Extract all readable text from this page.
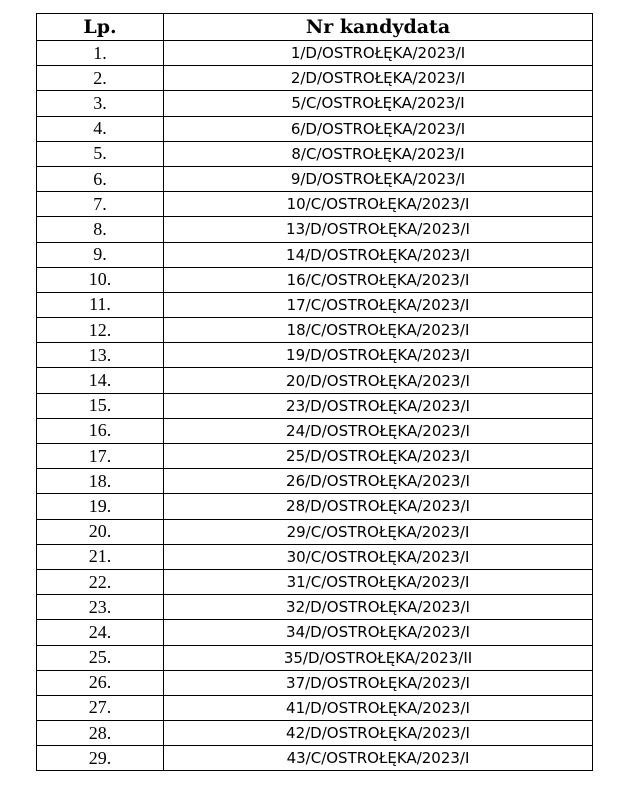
Lp.	Nr kandydata
1.	1/D/OSTROŁĘKA/2023/I
2.	2/D/OSTROŁĘKA/2023/I
3.	5/C/OSTROŁĘKA/2023/I
4.	6/D/OSTROŁĘKA/2023/I
5.	8/C/OSTROŁĘKA/2023/I
6.	9/D/OSTROŁĘKA/2023/I
7.	10/C/OSTROŁĘKA/2023/I
8.	13/D/OSTROŁĘKA/2023/I
9.	14/D/OSTROŁĘKA/2023/I
10.	16/C/OSTROŁĘKA/2023/I
11.	17/C/OSTROŁĘKA/2023/I
12.	18/C/OSTROŁĘKA/2023/I
13.	19/D/OSTROŁĘKA/2023/I
14.	20/D/OSTROŁĘKA/2023/I
15.	23/D/OSTROŁĘKA/2023/I
16.	24/D/OSTROŁĘKA/2023/I
17.	25/D/OSTROŁĘKA/2023/I
18.	26/D/OSTROŁĘKA/2023/I
19.	28/D/OSTROŁĘKA/2023/I
20.	29/C/OSTROŁĘKA/2023/I
21.	30/C/OSTROŁĘKA/2023/I
22.	31/C/OSTROŁĘKA/2023/I
23.	32/D/OSTROŁĘKA/2023/I
24.	34/D/OSTROŁĘKA/2023/I
25.	35/D/OSTROŁĘKA/2023/II
26.	37/D/OSTROŁĘKA/2023/I
27.	41/D/OSTROŁĘKA/2023/I
28.	42/D/OSTROŁĘKA/2023/I
29.	43/C/OSTROŁĘKA/2023/I
